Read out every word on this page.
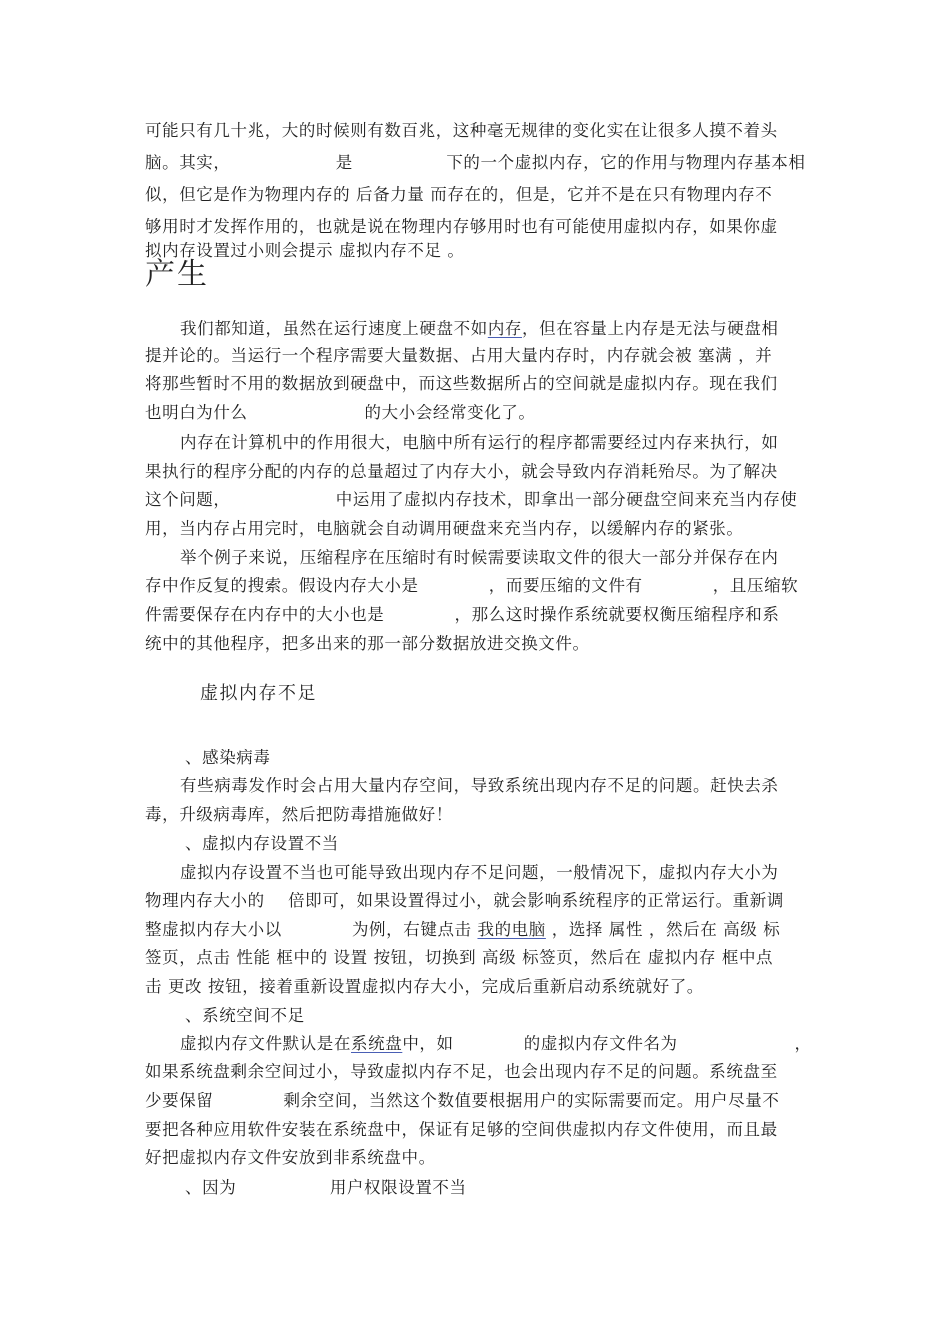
可能只有几十兆，大的时候则有数百兆，这种毫无规律的变化实在让很多人摸不着头
脑。其实，                  是                下的一个虚拟内存，它的作用与物理内存基本相
似，但它是作为物理内存的 后备力量 而存在的，但是，它并不是在只有物理内存不
够用时才发挥作用的，也就是说在物理内存够用时也有可能使用虚拟内存，如果你虚
拟内存设置过小则会提示 虚拟内存不足 。
产生
我们都知道，虽然在运行速度上硬盘不如内存，但在容量上内存是无法与硬盘相
提并论的。当运行一个程序需要大量数据、占用大量内存时，内存就会被 塞满 ，并
将那些暂时不用的数据放到硬盘中，而这些数据所占的空间就是虚拟内存。现在我们
也明白为什么                    的大小会经常变化了。
内存在计算机中的作用很大，电脑中所有运行的程序都需要经过内存来执行，如
果执行的程序分配的内存的总量超过了内存大小，就会导致内存消耗殆尽。为了解决
这个问题，                  中运用了虚拟内存技术，即拿出一部分硬盘空间来充当内存使
用，当内存占用完时，电脑就会自动调用硬盘来充当内存，以缓解内存的紧张。
举个例子来说，压缩程序在压缩时有时候需要读取文件的很大一部分并保存在内
存中作反复的搜索。假设内存大小是            ，而要压缩的文件有            ，且压缩软
件需要保存在内存中的大小也是            ，那么这时操作系统就要权衡压缩程序和系
统中的其他程序，把多出来的那一部分数据放进交换文件。
虚拟内存不足
、感染病毒
有些病毒发作时会占用大量内存空间，导致系统出现内存不足的问题。赶快去杀
毒，升级病毒库，然后把防毒措施做好！
、虚拟内存设置不当
虚拟内存设置不当也可能导致出现内存不足问题，一般情况下，虚拟内存大小为
物理内存大小的    倍即可，如果设置得过小，就会影响系统程序的正常运行。重新调
整虚拟内存大小以            为例，右键点击 我的电脑 ，选择 属性 ，然后在 高级 标
签页，点击 性能 框中的 设置 按钮，切换到 高级 标签页，然后在 虚拟内存 框中点
击 更改 按钮，接着重新设置虚拟内存大小，完成后重新启动系统就好了。
、系统空间不足
虚拟内存文件默认是在系统盘中，如            的虚拟内存文件名为                    ，
如果系统盘剩余空间过小，导致虚拟内存不足，也会出现内存不足的问题。系统盘至
少要保留            剩余空间，当然这个数值要根据用户的实际需要而定。用户尽量不
要把各种应用软件安装在系统盘中，保证有足够的空间供虚拟内存文件使用，而且最
好把虚拟内存文件安放到非系统盘中。
、因为                用户权限设置不当
